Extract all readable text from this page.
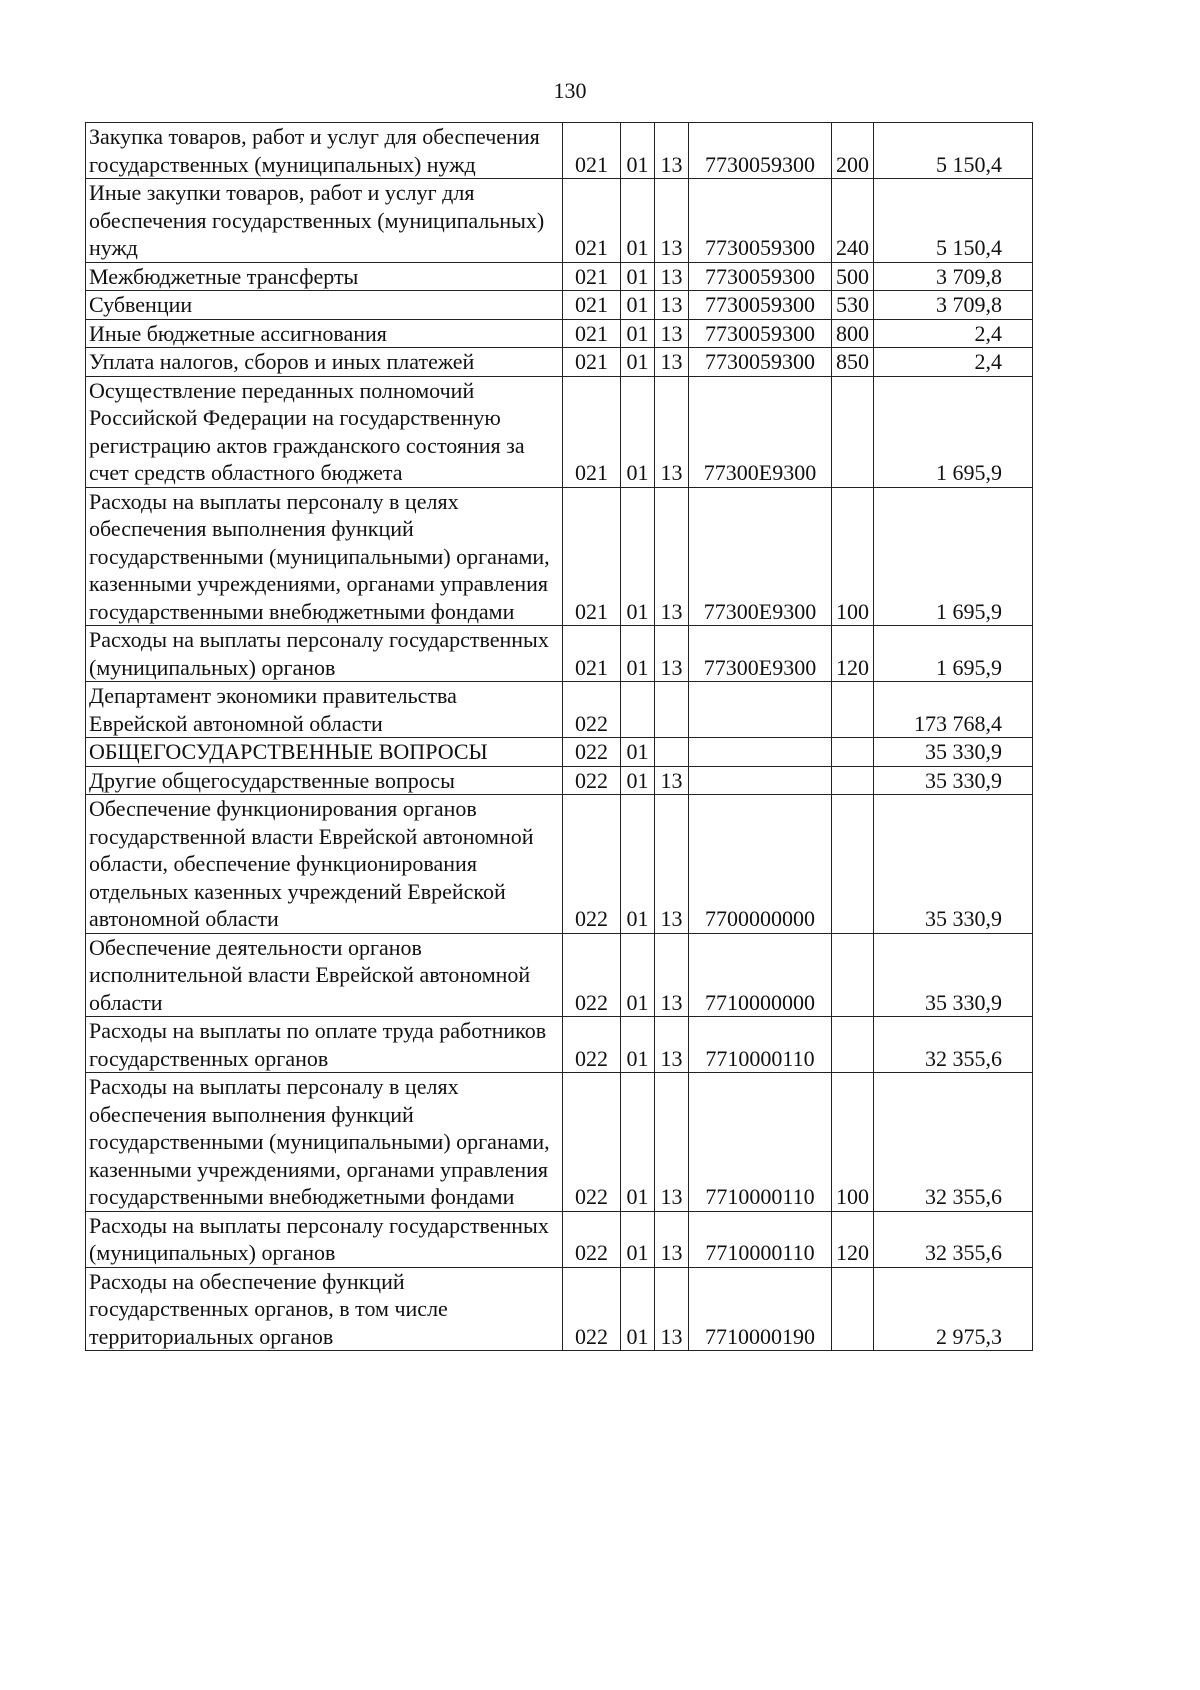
130
Закупка товаров, работ и услуг для обеспечения государственных (муниципальных) нужд	021	01	13	7730059300	200	5 150,4
Иные закупки товаров, работ и услуг для обеспечения государственных (муниципальных) нужд	021	01	13	7730059300	240	5 150,4
Межбюджетные трансферты	021	01	13	7730059300	500	3 709,8
Субвенции	021	01	13	7730059300	530	3 709,8
Иные бюджетные ассигнования	021	01	13	7730059300	800	2,4
Уплата налогов, сборов и иных платежей	021	01	13	7730059300	850	2,4
Осуществление переданных полномочий Российской Федерации на государственную регистрацию актов гражданского состояния за счет средств областного бюджета	021	01	13	77300Е9300		1 695,9
Расходы на выплаты персоналу в целях обеспечения выполнения функций государственными (муниципальными) органами, казенными учреждениями, органами управления государственными внебюджетными фондами	021	01	13	77300Е9300	100	1 695,9
Расходы на выплаты персоналу государственных (муниципальных) органов	021	01	13	77300Е9300	120	1 695,9
Департамент экономики правительства Еврейской автономной области	022					173 768,4
ОБЩЕГОСУДАРСТВЕННЫЕ ВОПРОСЫ	022	01				35 330,9
Другие общегосударственные вопросы	022	01	13			35 330,9
Обеспечение функционирования органов государственной власти Еврейской автономной области, обеспечение функционирования отдельных казенных учреждений Еврейской автономной области	022	01	13	7700000000		35 330,9
Обеспечение деятельности органов исполнительной власти Еврейской автономной области	022	01	13	7710000000		35 330,9
Расходы на выплаты по оплате труда работников государственных органов	022	01	13	7710000110		32 355,6
Расходы на выплаты персоналу в целях обеспечения выполнения функций государственными (муниципальными) органами, казенными учреждениями, органами управления государственными внебюджетными фондами	022	01	13	7710000110	100	32 355,6
Расходы на выплаты персоналу государственных (муниципальных) органов	022	01	13	7710000110	120	32 355,6
Расходы на обеспечение функций государственных органов, в том числе территориальных органов	022	01	13	7710000190		2 975,3
